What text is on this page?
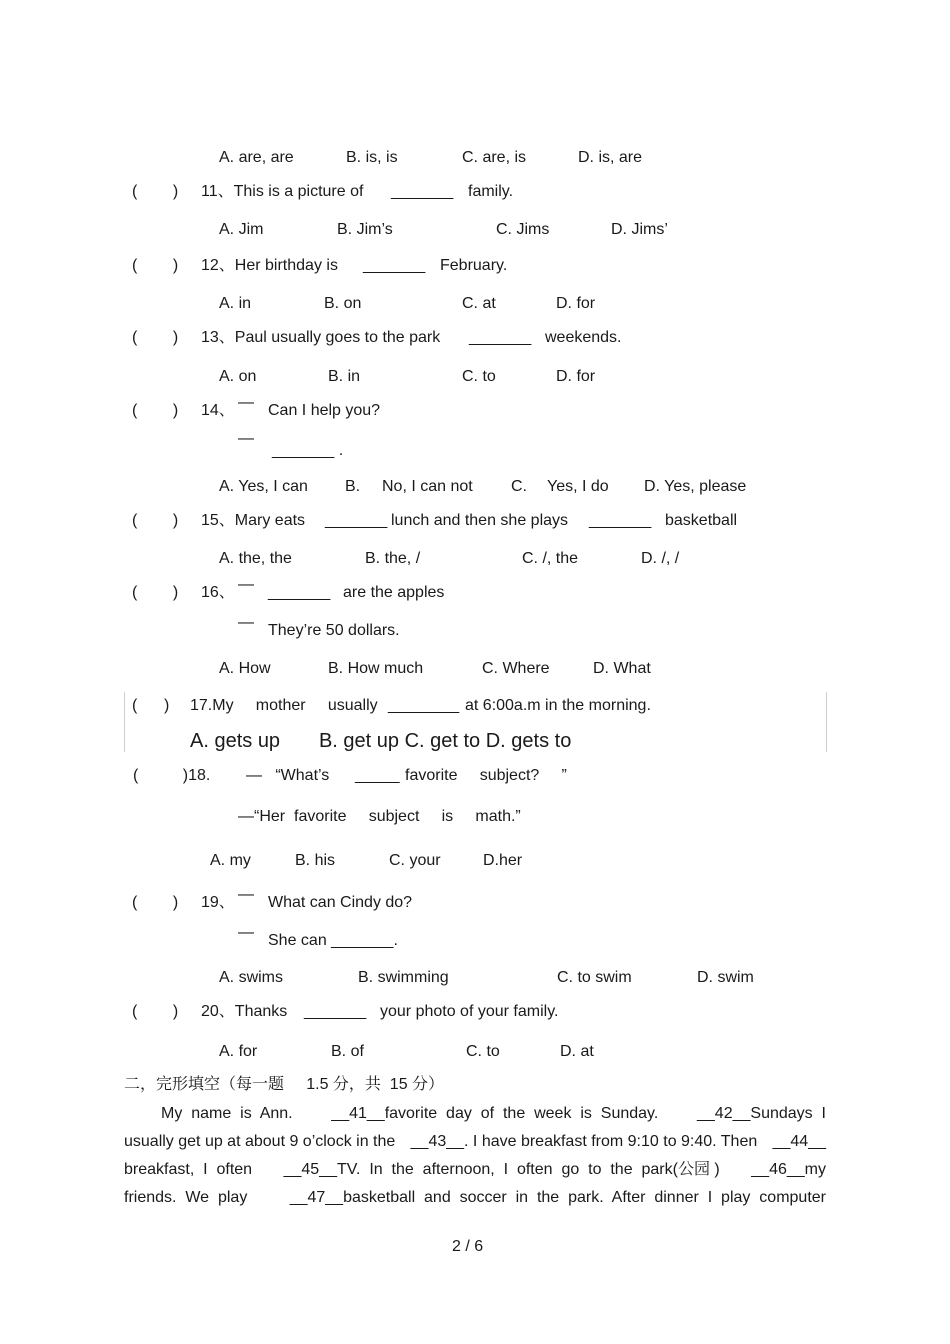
A. are, are	B. is, is	C. are, is	D. is, are
(        ) 11、This is a picture of _______ family.
A. Jim	B. Jim’s	C. Jims	D. Jims’
(        ) 12、Her birthday is _______ February.
A. in	B. on	C. at	D. for
(        ) 13、Paul usually goes to the park _______ weekends.
A. on	B. in	C. to	D. for
(        ) 14、 — Can I help you?
—
_______ .
A. Yes, I can B. No, I can not C. Yes, I do D. Yes, please
(        ) 15、Mary eats _______ lunch and then she plays _______ basketball
A. the, the	B. the, /	C. /, the	D. /, /
(        ) 16、 — _______ are the apples
— They’re 50 dollars.
A. How	B. How much	C. Where	D. What
(      ) 17.My     mother     usually ________ at 6:00a.m in the morning.
A. gets up       B. get up C. get to D. gets to
(          )18. —   “What’s _____ favorite     subject?     ”
—“Her  favorite     subject     is     math.”
A. my	B. his	C. your	D.her
(        ) 19、 — What can Cindy do?
— She can _______.
A. swims	B. swimming	C. to swim	D. swim
(        ) 20、Thanks _______ your photo of your family.
A. for	B. of	C. to	D. at
二，完形填空（每一题     1.5 分，共  15 分）
My  name  is  Ann. __41__favorite  day  of  the  week  is  Sunday. __42__Sundays  I
usually get up at about 9 o’clock in the __43__. I have breakfast from 9:10 to 9:40. Then __44__
breakfast,  I  often __45__TV.  In  the  afternoon,  I  often  go  to  the  park(公园 ) __46__my
friends.  We  play	__47__basketball  and  soccer  in  the  park.  After  dinner  I  play  computer
2 / 6
